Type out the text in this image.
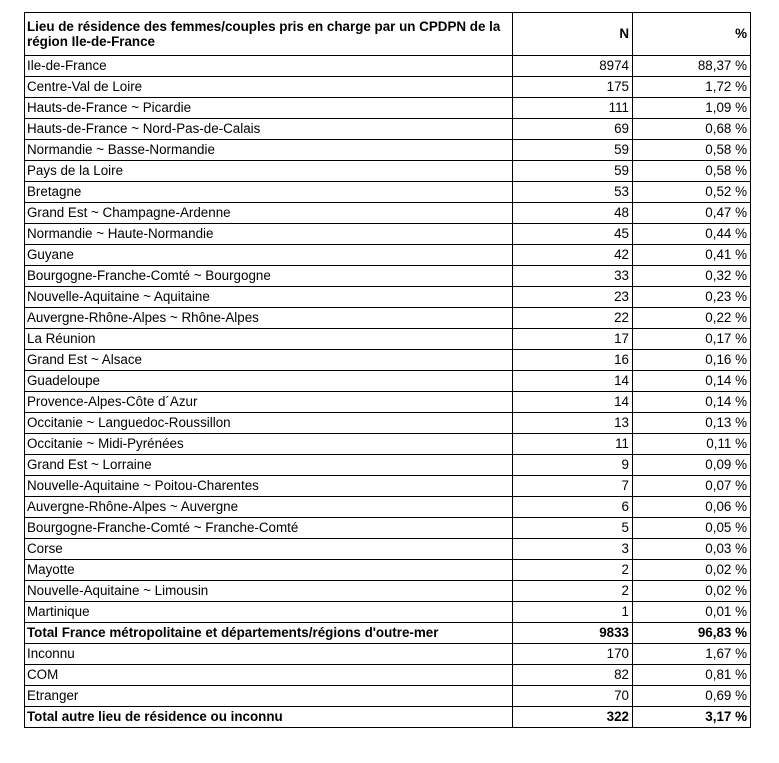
Lieu de résidence des femmes/couples pris en charge par un CPDPN de la région Ile-de-France	N	%
Ile-de-France	8974	88,37 %
Centre-Val de Loire	175	1,72 %
Hauts-de-France ~ Picardie	111	1,09 %
Hauts-de-France ~ Nord-Pas-de-Calais	69	0,68 %
Normandie ~ Basse-Normandie	59	0,58 %
Pays de la Loire	59	0,58 %
Bretagne	53	0,52 %
Grand Est ~ Champagne-Ardenne	48	0,47 %
Normandie ~ Haute-Normandie	45	0,44 %
Guyane	42	0,41 %
Bourgogne-Franche-Comté ~ Bourgogne	33	0,32 %
Nouvelle-Aquitaine ~ Aquitaine	23	0,23 %
Auvergne-Rhône-Alpes ~ Rhône-Alpes	22	0,22 %
La Réunion	17	0,17 %
Grand Est ~ Alsace	16	0,16 %
Guadeloupe	14	0,14 %
Provence-Alpes-Côte d´Azur	14	0,14 %
Occitanie ~ Languedoc-Roussillon	13	0,13 %
Occitanie ~ Midi-Pyrénées	11	0,11 %
Grand Est ~ Lorraine	9	0,09 %
Nouvelle-Aquitaine ~ Poitou-Charentes	7	0,07 %
Auvergne-Rhône-Alpes ~ Auvergne	6	0,06 %
Bourgogne-Franche-Comté ~ Franche-Comté	5	0,05 %
Corse	3	0,03 %
Mayotte	2	0,02 %
Nouvelle-Aquitaine ~ Limousin	2	0,02 %
Martinique	1	0,01 %
Total France métropolitaine et départements/régions d'outre-mer	9833	96,83 %
Inconnu	170	1,67 %
COM	82	0,81 %
Etranger	70	0,69 %
Total autre lieu de résidence ou inconnu	322	3,17 %
